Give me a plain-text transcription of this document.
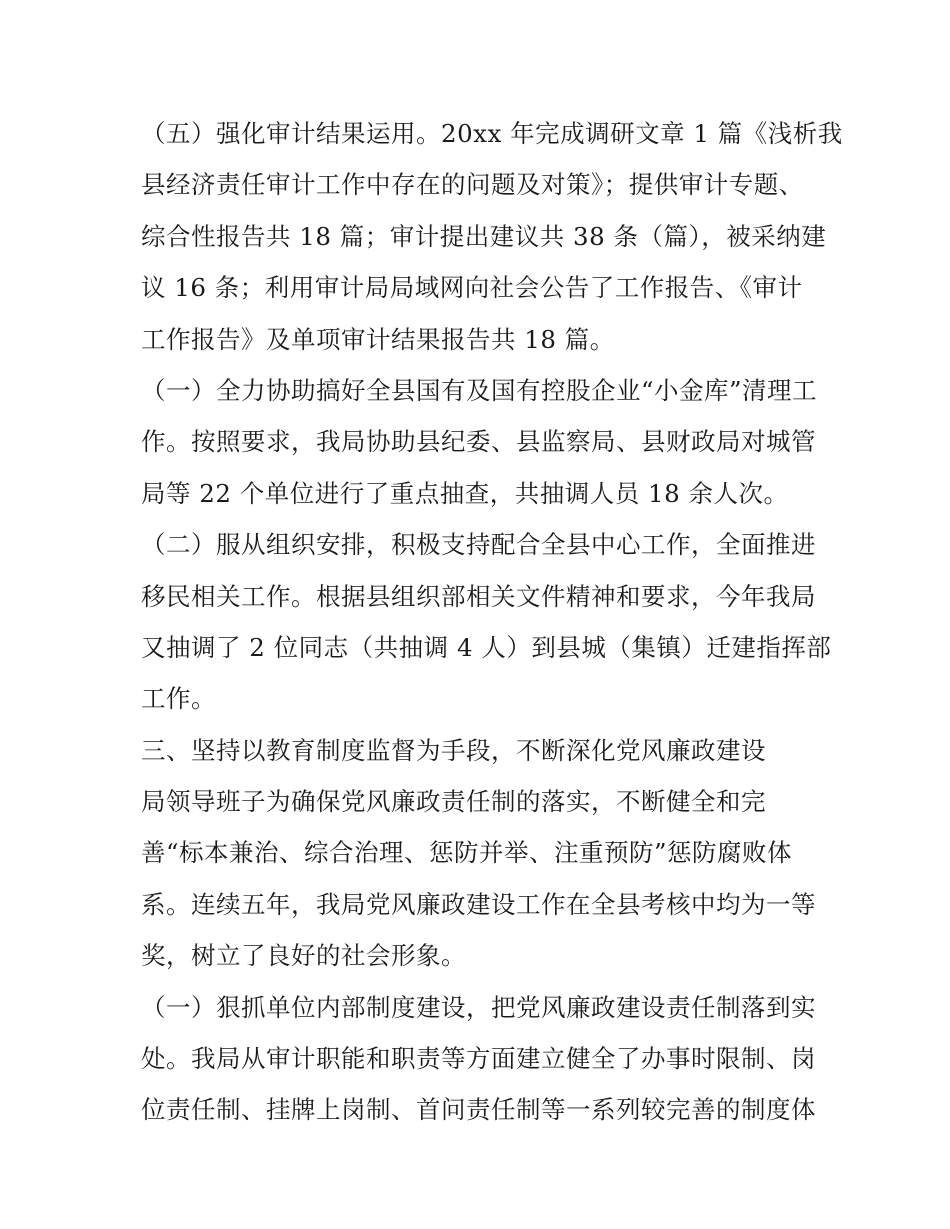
（五）强化审计结果运用。20xx 年完成调研文章 1 篇《浅析我
县经济责任审计工作中存在的问题及对策》；提供审计专题、
综合性报告共 18 篇；审计提出建议共 38 条（篇），被采纳建
议 16 条；利用审计局局域网向社会公告了工作报告、《审计
工作报告》及单项审计结果报告共 18 篇。
（一）全力协助搞好全县国有及国有控股企业“小金库”清理工
作。按照要求，我局协助县纪委、县监察局、县财政局对城管
局等 22 个单位进行了重点抽查，共抽调人员 18 余人次。
（二）服从组织安排，积极支持配合全县中心工作，全面推进
移民相关工作。根据县组织部相关文件精神和要求，今年我局
又抽调了 2 位同志（共抽调 4 人）到县城（集镇）迁建指挥部
工作。
三、坚持以教育制度监督为手段，不断深化党风廉政建设
局领导班子为确保党风廉政责任制的落实，不断健全和完
善“标本兼治、综合治理、惩防并举、注重预防”惩防腐败体
系。连续五年，我局党风廉政建设工作在全县考核中均为一等
奖，树立了良好的社会形象。
（一）狠抓单位内部制度建设，把党风廉政建设责任制落到实
处。我局从审计职能和职责等方面建立健全了办事时限制、岗
位责任制、挂牌上岗制、首问责任制等一系列较完善的制度体
